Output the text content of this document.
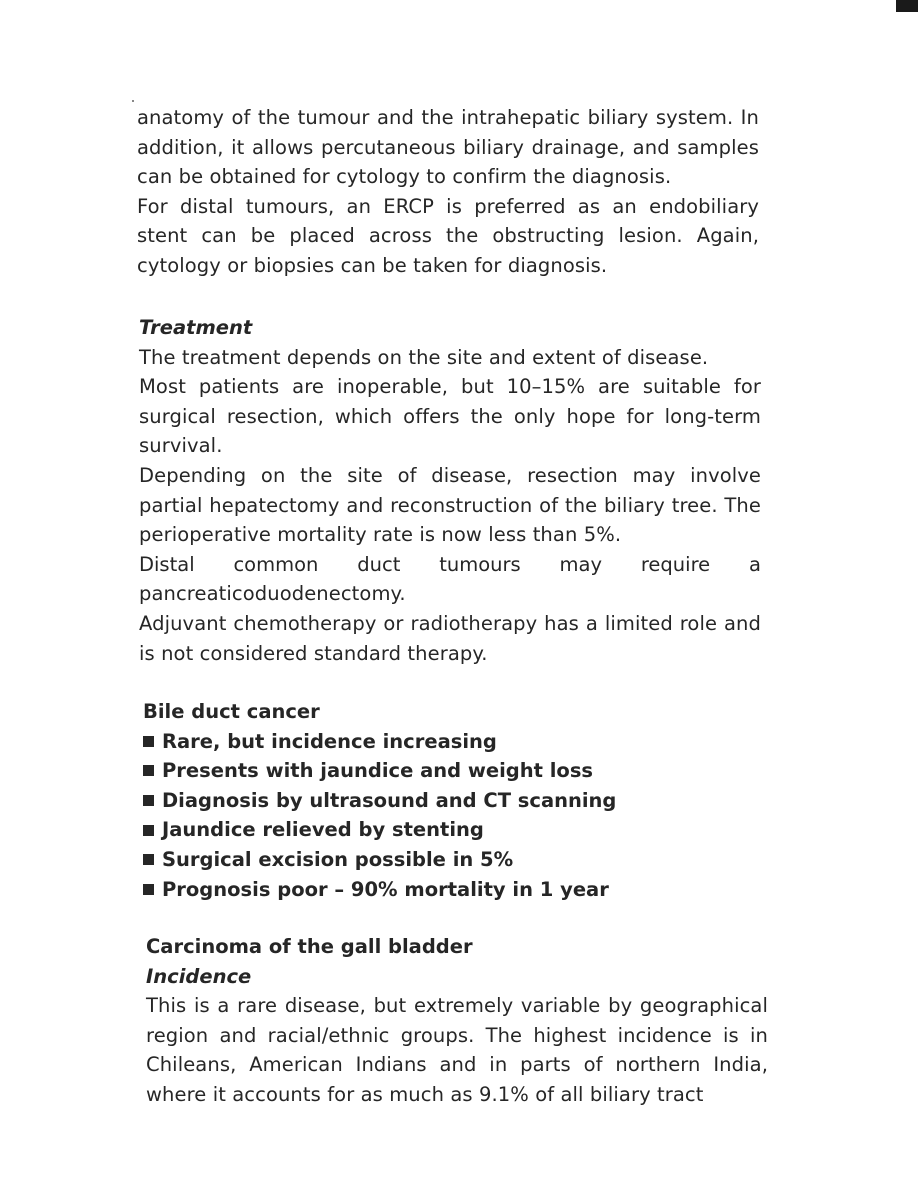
anatomy of the tumour and the intrahepatic biliary system. In addition, it allows percutaneous biliary drainage, and samples can be obtained for cytology to confirm the diagnosis.

For distal tumours, an ERCP is preferred as an endobiliary stent can be placed across the obstructing lesion. Again, cytology or biopsies can be taken for diagnosis.

Treatment

The treatment depends on the site and extent of disease.

Most patients are inoperable, but 10–15% are suitable for surgical resection, which offers the only hope for long-term survival.

Depending on the site of disease, resection may involve partial hepatectomy and reconstruction of the biliary tree. The perioperative mortality rate is now less than 5%.

Distal common duct tumours may require a

pancreaticoduodenectomy.

Adjuvant chemotherapy or radiotherapy has a limited role and is not considered standard therapy.

Bile duct cancer

Rare, but incidence increasing
Presents with jaundice and weight loss
Diagnosis by ultrasound and CT scanning
Jaundice relieved by stenting
Surgical excision possible in 5%
Prognosis poor – 90% mortality in 1 year

Carcinoma of the gall bladder

Incidence

This is a rare disease, but extremely variable by geographical region and racial/ethnic groups. The highest incidence is in Chileans, American Indians and in parts of northern India, where it accounts for as much as 9.1% of all biliary tract
